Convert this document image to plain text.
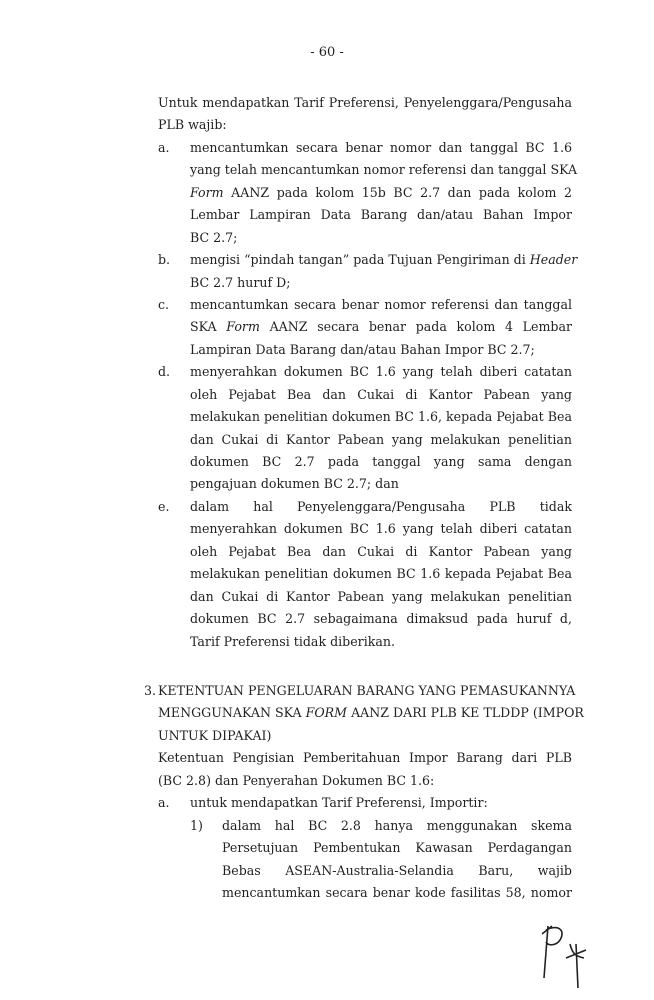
- 60 -
Untuk mendapatkan Tarif Preferensi, Penyelenggara/Pengusaha
PLB wajib:
a. mencantumkan secara benar nomor dan tanggal BC 1.6
yang telah mencantumkan nomor referensi dan tanggal SKA
Form AANZ pada kolom 15b BC 2.7 dan pada kolom 2
Lembar Lampiran Data Barang dan/atau Bahan Impor
BC 2.7;
b. mengisi “pindah tangan” pada Tujuan Pengiriman di Header
BC 2.7 huruf D;
c. mencantumkan secara benar nomor referensi dan tanggal
SKA Form AANZ secara benar pada kolom 4 Lembar
Lampiran Data Barang dan/atau Bahan Impor BC 2.7;
d. menyerahkan dokumen BC 1.6 yang telah diberi catatan
oleh Pejabat Bea dan Cukai di Kantor Pabean yang
melakukan penelitian dokumen BC 1.6, kepada Pejabat Bea
dan Cukai di Kantor Pabean yang melakukan penelitian
dokumen BC 2.7 pada tanggal yang sama dengan
pengajuan dokumen BC 2.7; dan
e. dalam hal Penyelenggara/Pengusaha PLB tidak
menyerahkan dokumen BC 1.6 yang telah diberi catatan
oleh Pejabat Bea dan Cukai di Kantor Pabean yang
melakukan penelitian dokumen BC 1.6 kepada Pejabat Bea
dan Cukai di Kantor Pabean yang melakukan penelitian
dokumen BC 2.7 sebagaimana dimaksud pada huruf d,
Tarif Preferensi tidak diberikan.
3. KETENTUAN PENGELUARAN BARANG YANG PEMASUKANNYA
MENGGUNAKAN SKA FORM AANZ DARI PLB KE TLDDP (IMPOR
UNTUK DIPAKAI)
Ketentuan Pengisian Pemberitahuan Impor Barang dari PLB
(BC 2.8) dan Penyerahan Dokumen BC 1.6:
a. untuk mendapatkan Tarif Preferensi, Importir:
1) dalam hal BC 2.8 hanya menggunakan skema
Persetujuan Pembentukan Kawasan Perdagangan
Bebas ASEAN-Australia-Selandia Baru, wajib
mencantumkan secara benar kode fasilitas 58, nomor
